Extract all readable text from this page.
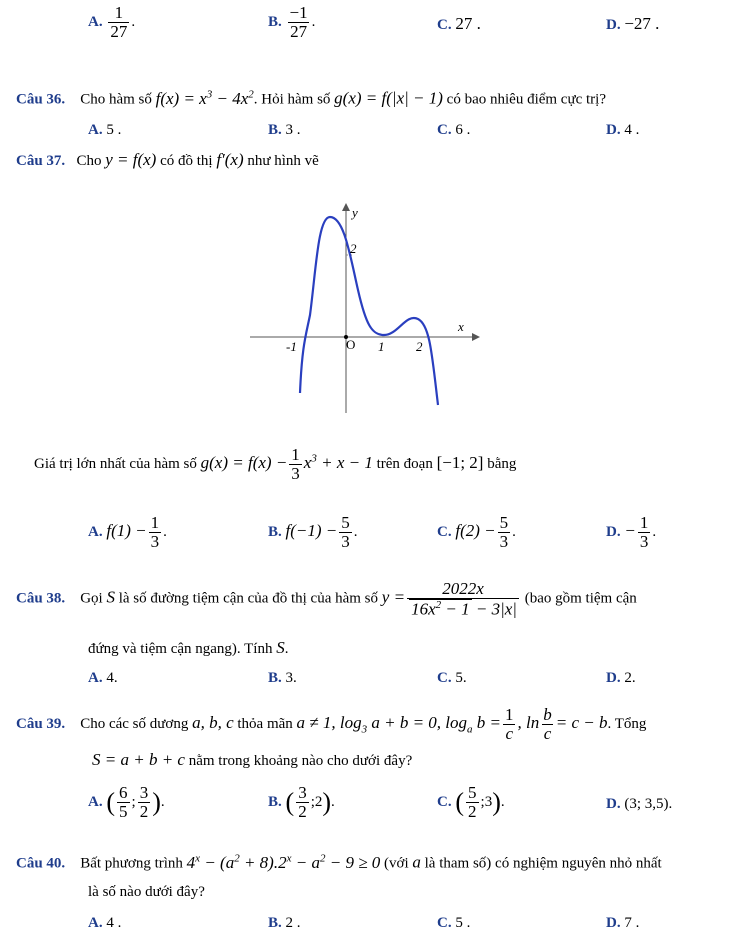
A. $\frac{1}{27}$ .	B. $\frac{-1}{27}$ .	C. 27 .	D. −27 .
Câu 36. Cho hàm số $f(x) = x^3 - 4x^2$. Hỏi hàm số g(x) = f(|x| − 1) có bao nhiêu điểm cực trị?
A. 5 .	B. 3 .	C. 6 .	D. 4 .
Câu 37. Cho y = f(x) có đồ thị f′(x) như hình vẽ
y
x
2
-1	O 1 2
Giá trị lớn nhất của hàm số $g(x) = f(x) - \frac{1}{3} x^3 + x - 1$ trên đoạn [−1; 2] bằng
A. $f(1) - \frac{1}{3}$ .	B. $f(-1) - \frac{5}{3}$ .	C. $f(2) - \frac{5}{3}$ .	D. − $\frac{1}{3}$ .
Câu 38. Gọi S là số đường tiệm cận của đồ thị của hàm số $y = \frac{2022x}{16x^2 - 1 - 3|x|} (bao$ gồm tiệm cận
đứng và tiệm cận ngang). Tính S.
A. 4.	B. 3.	C. 5.	D. 2.
Câu 39. Cho các số dương a, b, c thỏa mãn a ≠ 1, $\log_3 a + b = 0$, $\log_a b = \frac{1}{c}$ , $\ln \frac{b}{c} = c - b$. Tổng
S = a + b + c nằm trong khoảng nào cho dưới đây?
A. ( $\frac{6}{5}$ ; $\frac{3}{2}$ ).	B. ( $\frac{3}{2}$ ;2).	C. ( $\frac{5}{2}$ ;3).	D. (3; 3,5).
Câu 40. Bất phương trình $4^x - (a^2 + 8).2^x - a^2 - 9 \ge 0$ (với a là tham số) có nghiệm nguyên nhỏ nhất
là số nào dưới đây?
A. 4 .	B. 2 .	C. 5 .	D. 7 .
